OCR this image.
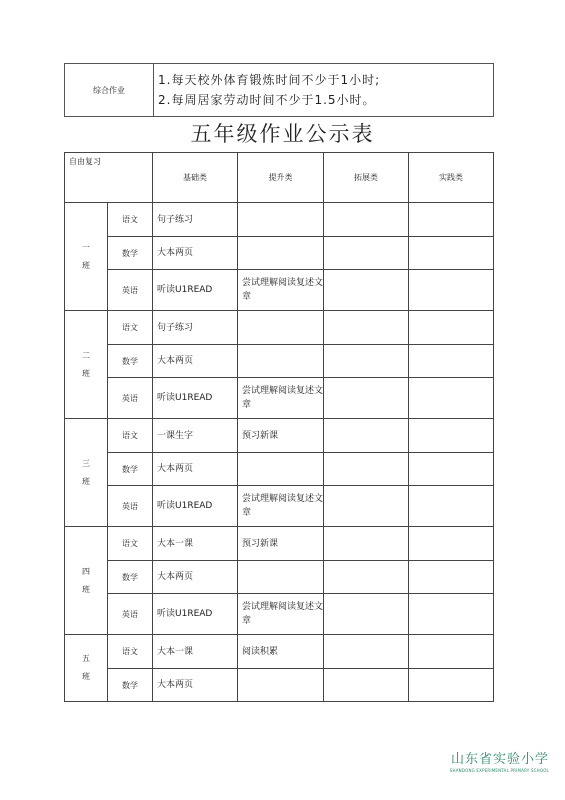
综合作业	
1.每天校外体育锻炼时间不少于1小时;
2.每周居家劳动时间不少于1.5小时。
五年级作业公示表
自由复习		基础类	提升类	拓展类	实践类
一
班	语文	句子练习			
	数学	大本两页			
	英语	听读U1READ	尝试理解阅读复述文章		
二
班	语文	句子练习			
	数学	大本两页			
	英语	听读U1READ	尝试理解阅读复述文章		
三
班	语文	一课生字	预习新课		
	数学	大本两页			
	英语	听读U1READ	尝试理解阅读复述文章		
四
班	语文	大本一课	预习新课		
	数学	大本两页			
	英语	听读U1READ	尝试理解阅读复述文章		
五
班	语文	大本一课	阅读积累		
	数学	大本两页			
山东省实验小学
SHANDONG EXPERIMENTAL PRIMARY SCHOOL
